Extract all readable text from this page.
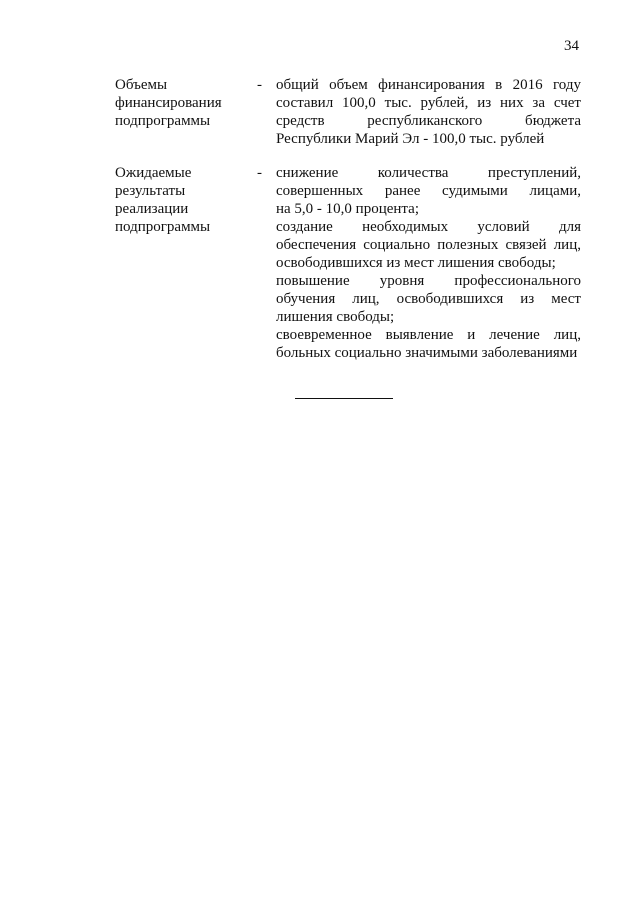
34
Объемы
финансирования
подпрограммы
- общий объем финансирования в 2016 году
составил 100,0 тыс. рублей, из них за счет
средств республиканского бюджета
Республики Марий Эл - 100,0 тыс. рублей
Ожидаемые
результаты
реализации
подпрограммы
- снижение количества преступлений,
совершенных ранее судимыми лицами,
на 5,0 - 10,0 процента;
создание необходимых условий для
обеспечения социально полезных связей лиц,
освободившихся из мест лишения свободы;
повышение уровня профессионального
обучения лиц, освободившихся из мест
лишения свободы;
своевременное выявление и лечение лиц,
больных социально значимыми заболеваниями
